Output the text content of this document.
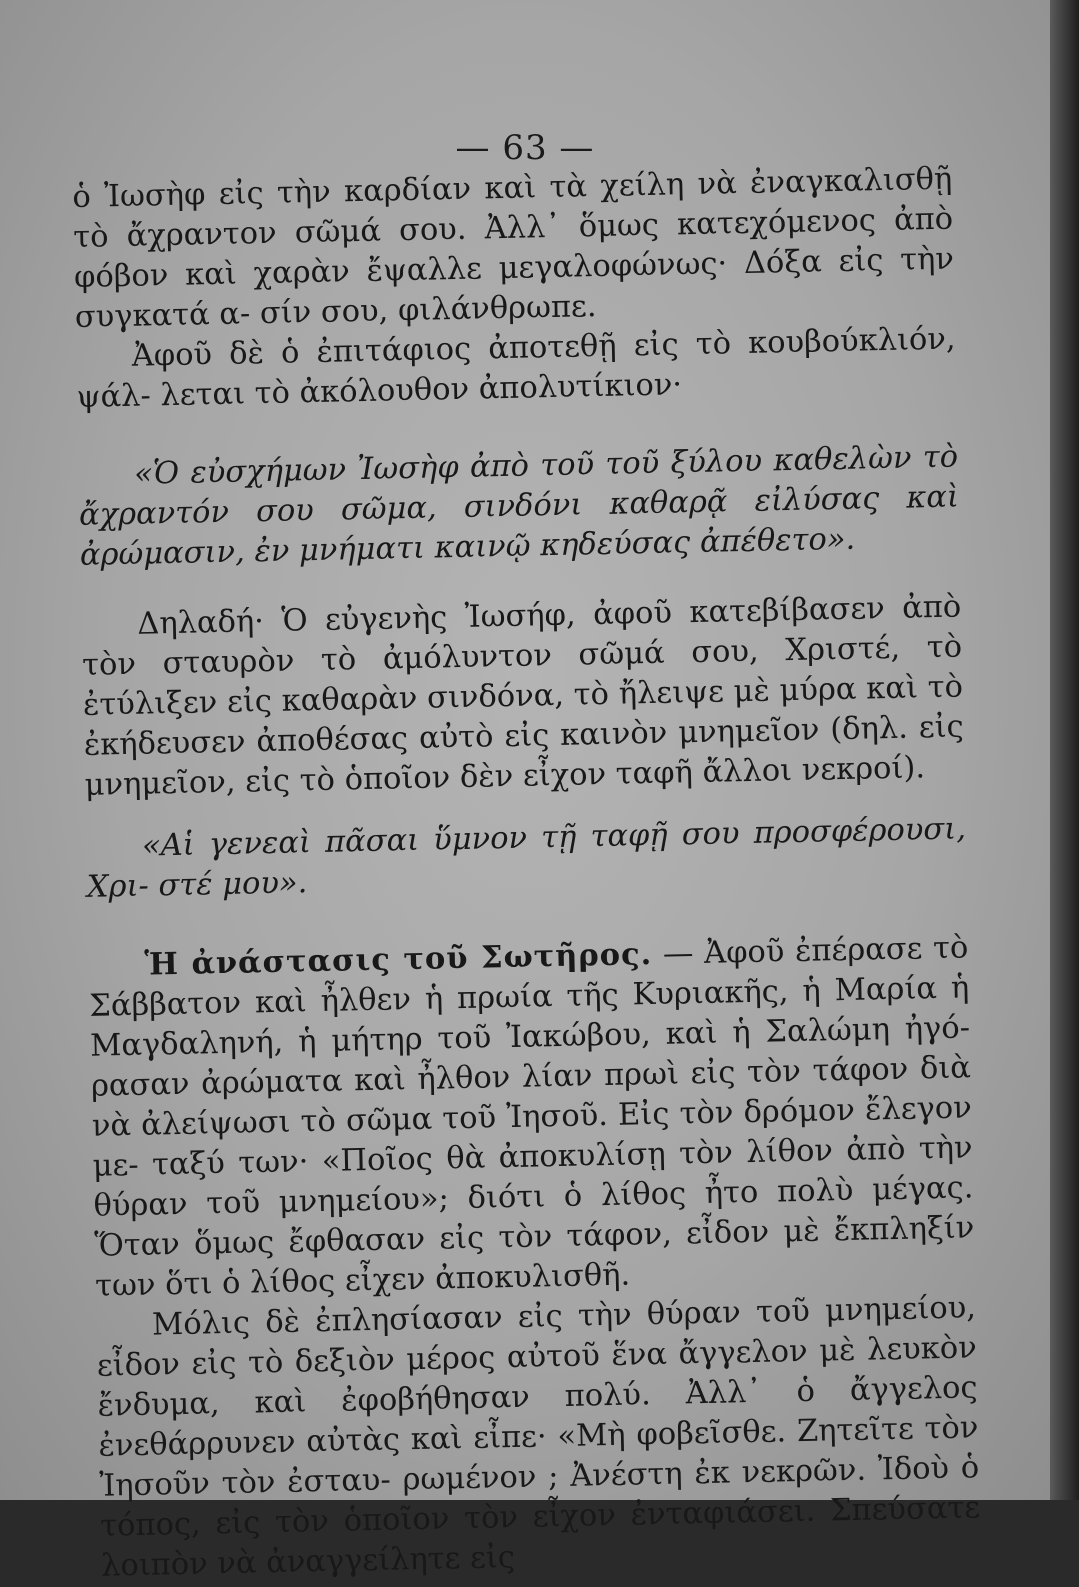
— 63 —

ὁ Ἰωσὴφ εἰς τὴν καρδίαν καὶ τὰ χείλη νὰ ἐναγκαλισθῇ τὸ ἄχραντον σῶμά σου. Ἀλλ᾽ ὅμως κατεχόμενος ἀπὸ φόβον καὶ χαρὰν ἔψαλλε μεγαλοφώνως· Δόξα εἰς τὴν συγκατά α- σίν σου, φιλάνθρωπε.

Ἀφοῦ δὲ ὁ ἐπιτάφιος ἀποτεθῇ εἰς τὸ κουβούκλιόν, ψάλ- λεται τὸ ἀκόλουθον ἀπολυτίκιον·

«Ὁ εὐσχήμων Ἰωσὴφ ἀπὸ τοῦ τοῦ ξύλου καθελὼν τὸ ἄχραντόν σου σῶμα, σινδόνι καθαρᾷ εἰλύσας καὶ ἀρώμασιν, ἐν μνήματι καινῷ κηδεύσας ἀπέθετο».

Δηλαδή· Ὁ εὐγενὴς Ἰωσήφ, ἀφοῦ κατεβίβασεν ἀπὸ τὸν σταυρὸν τὸ ἀμόλυντον σῶμά σου, Χριστέ, τὸ ἐτύλιξεν εἰς καθαρὰν σινδόνα, τὸ ἤλειψε μὲ μύρα καὶ τὸ ἐκήδευσεν ἀποθέσας αὐτὸ εἰς καινὸν μνημεῖον (δηλ. εἰς μνημεῖον, εἰς τὸ ὁποῖον δὲν εἶχον ταφῆ ἄλλοι νεκροί).

«Αἱ γενεαὶ πᾶσαι ὕμνον τῇ ταφῇ σου προσφέρουσι, Χρι- στέ μου».

Ἡ ἀνάστασις τοῦ Σωτῆρος. — Ἀφοῦ ἐπέρασε τὸ Σάββατον καὶ ἦλθεν ἡ πρωία τῆς Κυριακῆς, ἡ Μαρία ἡ Μαγδαληνή, ἡ μήτηρ τοῦ Ἰακώβου, καὶ ἡ Σαλώμη ἠγό- ρασαν ἀρώματα καὶ ἦλθον λίαν πρωὶ εἰς τὸν τάφον διὰ νὰ ἀλείψωσι τὸ σῶμα τοῦ Ἰησοῦ. Εἰς τὸν δρόμον ἔλεγον με- ταξύ των· «Ποῖος θὰ ἀποκυλίσῃ τὸν λίθον ἀπὸ τὴν θύραν τοῦ μνημείου»; διότι ὁ λίθος ἦτο πολὺ μέγας. Ὅταν ὅμως ἔφθασαν εἰς τὸν τάφον, εἶδον μὲ ἔκπληξίν των ὅτι ὁ λίθος εἶχεν ἀποκυλισθῆ.

Μόλις δὲ ἐπλησίασαν εἰς τὴν θύραν τοῦ μνημείου, εἶδον εἰς τὸ δεξιὸν μέρος αὐτοῦ ἕνα ἄγγελον μὲ λευκὸν ἔνδυμα, καὶ ἐφοβήθησαν πολύ. Ἀλλ᾽ ὁ ἄγγελος ἐνεθάρρυνεν αὐτὰς καὶ εἶπε· «Μὴ φοβεῖσθε. Ζητεῖτε τὸν Ἰησοῦν τὸν ἐσταυ- ρωμένον ; Ἀνέστη ἐκ νεκρῶν. Ἰδοὺ ὁ τόπος, εἰς τὸν ὁποῖον τὸν εἶχον ἐνταφιάσει. Σπεύσατε λοιπὸν νὰ ἀναγγείλητε εἰς
